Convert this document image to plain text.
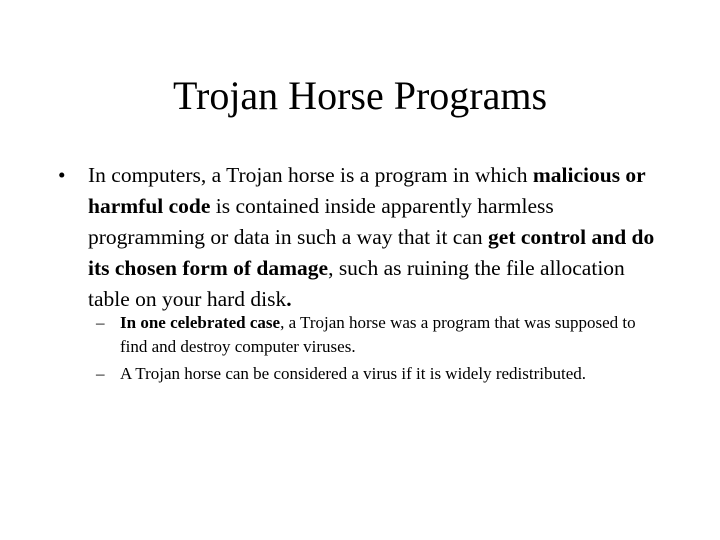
Trojan Horse Programs
• In computers, a Trojan horse is a program in which malicious or harmful code is contained inside apparently harmless programming or data in such a way that it can get control and do its chosen form of damage, such as ruining the file allocation table on your hard disk.
– In one celebrated case, a Trojan horse was a program that was supposed to find and destroy computer viruses.
– A Trojan horse can be considered a virus if it is widely redistributed.
